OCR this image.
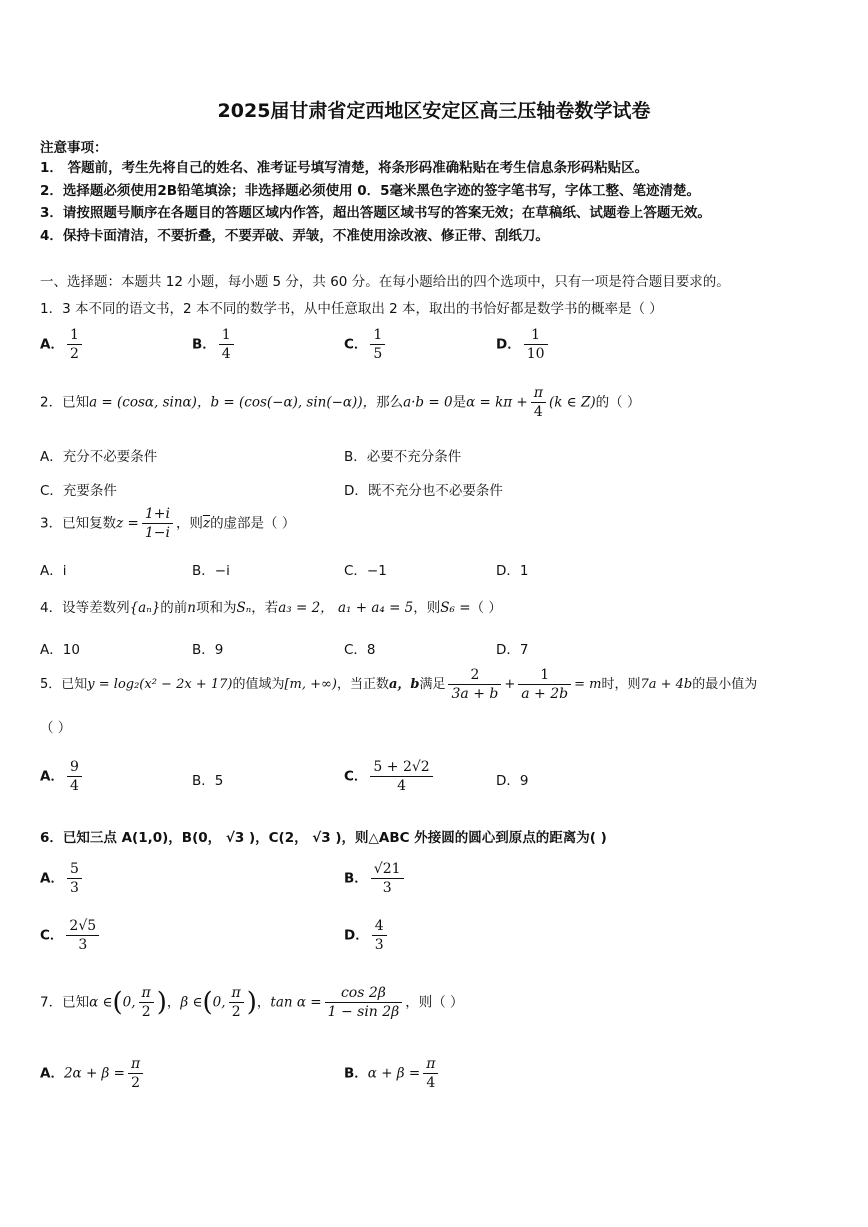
2025届甘肃省定西地区安定区高三压轴卷数学试卷
注意事项：
1． 答题前，考生先将自己的姓名、准考证号填写清楚，将条形码准确粘贴在考生信息条形码粘贴区。
2．选择题必须使用2B铅笔填涂；非选择题必须使用 0．5毫米黑色字迹的签字笔书写，字体工整、笔迹清楚。
3．请按照题号顺序在各题目的答题区域内作答，超出答题区域书写的答案无效；在草稿纸、试题卷上答题无效。
4．保持卡面清洁，不要折叠，不要弄破、弄皱，不准使用涂改液、修正带、刮纸刀。
一、选择题：本题共 12 小题，每小题 5 分，共 60 分。在每小题给出的四个选项中，只有一项是符合题目要求的。
1．3 本不同的语文书，2 本不同的数学书，从中任意取出 2 本，取出的书恰好都是数学书的概率是（ ）
A． $\frac{1}{2}$	B． $\frac{1}{4}$	C． $\frac{1}{5}$	D． $\frac{1}{10}$
2．已知a = (cosα, sinα)，b = (cos(−α), sin(−α))，那么a·b = 0是$\alpha = k\pi + \frac{\pi}{4} (k$ ∈ Z)的（ ）
A．充分不必要条件	B．必要不充分条件
C．充要条件	D．既不充分也不必要条件
3．已知复数$z = \frac{1+i}{1-i}$ ，则$\overline{z}$的虚部是（ ）
A．i	B．−i	C．−1	D．1
4．设等差数列{aₙ}的前n项和为Sₙ，若a₃ = 2， a₁ + a₄ = 5，则S₆ =（ ）
A．10	B．9	C．8	D．7
5．已知y = log₂(x² − 2x + 17)的值域为[m, +∞)，当正数a，b满足 $\frac{2}{3a + b} + \frac{1}{a + 2b} = m$时，则7a + 4b的最小值为
（ ）
A． $\frac{9}{4}$	B．5	C． $\frac{5 + 2√2}{4}$	D．9
6．已知三点 A(1,0)，B(0， √3 )，C(2， √3 )，则△ABC 外接圆的圆心到原点的距离为( )
A． $\frac{5}{3}$	B． $\frac{√21}{3}$
C． $\frac{2√5}{3}$	D． $\frac{4}{3}$
7．已知α ∈(0, $\frac{\pi}{2}$ )，β ∈(0, $\frac{\pi}{2}$ )，$\tan \alpha = \frac{\cos 2\beta}{1 - \sin 2\beta}$ ，则（ ）
A．$2\alpha + \beta = \frac{\pi}{2}$	B．$\alpha + \beta = \frac{\pi}{4}$
